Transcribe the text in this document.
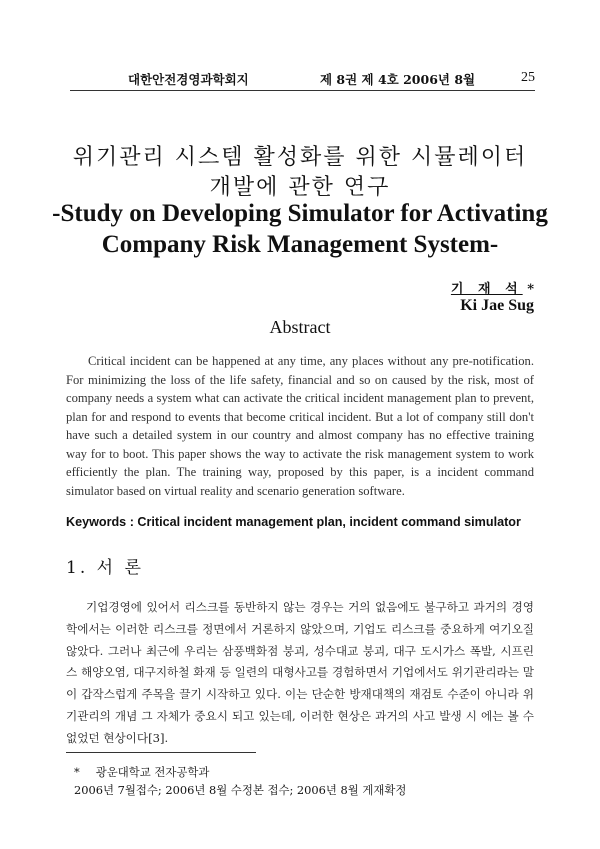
대한안전경영과학회지	제 8권 제 4호 2006년 8월	25
위기관리 시스템 활성화를 위한 시뮬레이터
개발에 관한 연구
-Study on Developing Simulator for Activating
Company Risk Management System-
기 재 석 *
Ki Jae Sug
Abstract

Critical incident can be happened at any time, any places without any pre-notification. For minimizing the loss of the life safety, financial and so on caused by the risk, most of company needs a system what can activate the critical incident management plan to prevent, plan for and respond to events that become critical incident. But a lot of company still don't have such a detailed system in our country and almost company has no effective training way for to boot. This paper shows the way to activate the risk management system to work efficiently the plan. The training way, proposed by this paper, is a incident command simulator based on virtual reality and scenario generation software.

Keywords : Critical incident management plan, incident command simulator
1. 서 론

기업경영에 있어서 리스크를 동반하지 않는 경우는 거의 없음에도 불구하고 과거의 경영학에서는 이러한 리스크를 정면에서 거론하지 않았으며, 기업도 리스크를 중요하게 여기오질 않았다. 그러나 최근에 우리는 삼풍백화점 붕괴, 성수대교 붕괴, 대구 도시가스 폭발, 시프린스 해양오염, 대구지하철 화재 등 일련의 대형사고를 경험하면서 기업에서도 위기관리라는 말이 갑작스럽게 주목을 끌기 시작하고 있다. 이는 단순한 방재대책의 재검토 수준이 아니라 위기관리의 개념 그 자체가 중요시 되고 있는데, 이러한 현상은 과거의 사고 발생 시 에는 볼 수 없었던 현상이다[3].

* 광운대학교 전자공학과
2006년 7월접수; 2006년 8월 수정본 접수; 2006년 8월 게재확정
